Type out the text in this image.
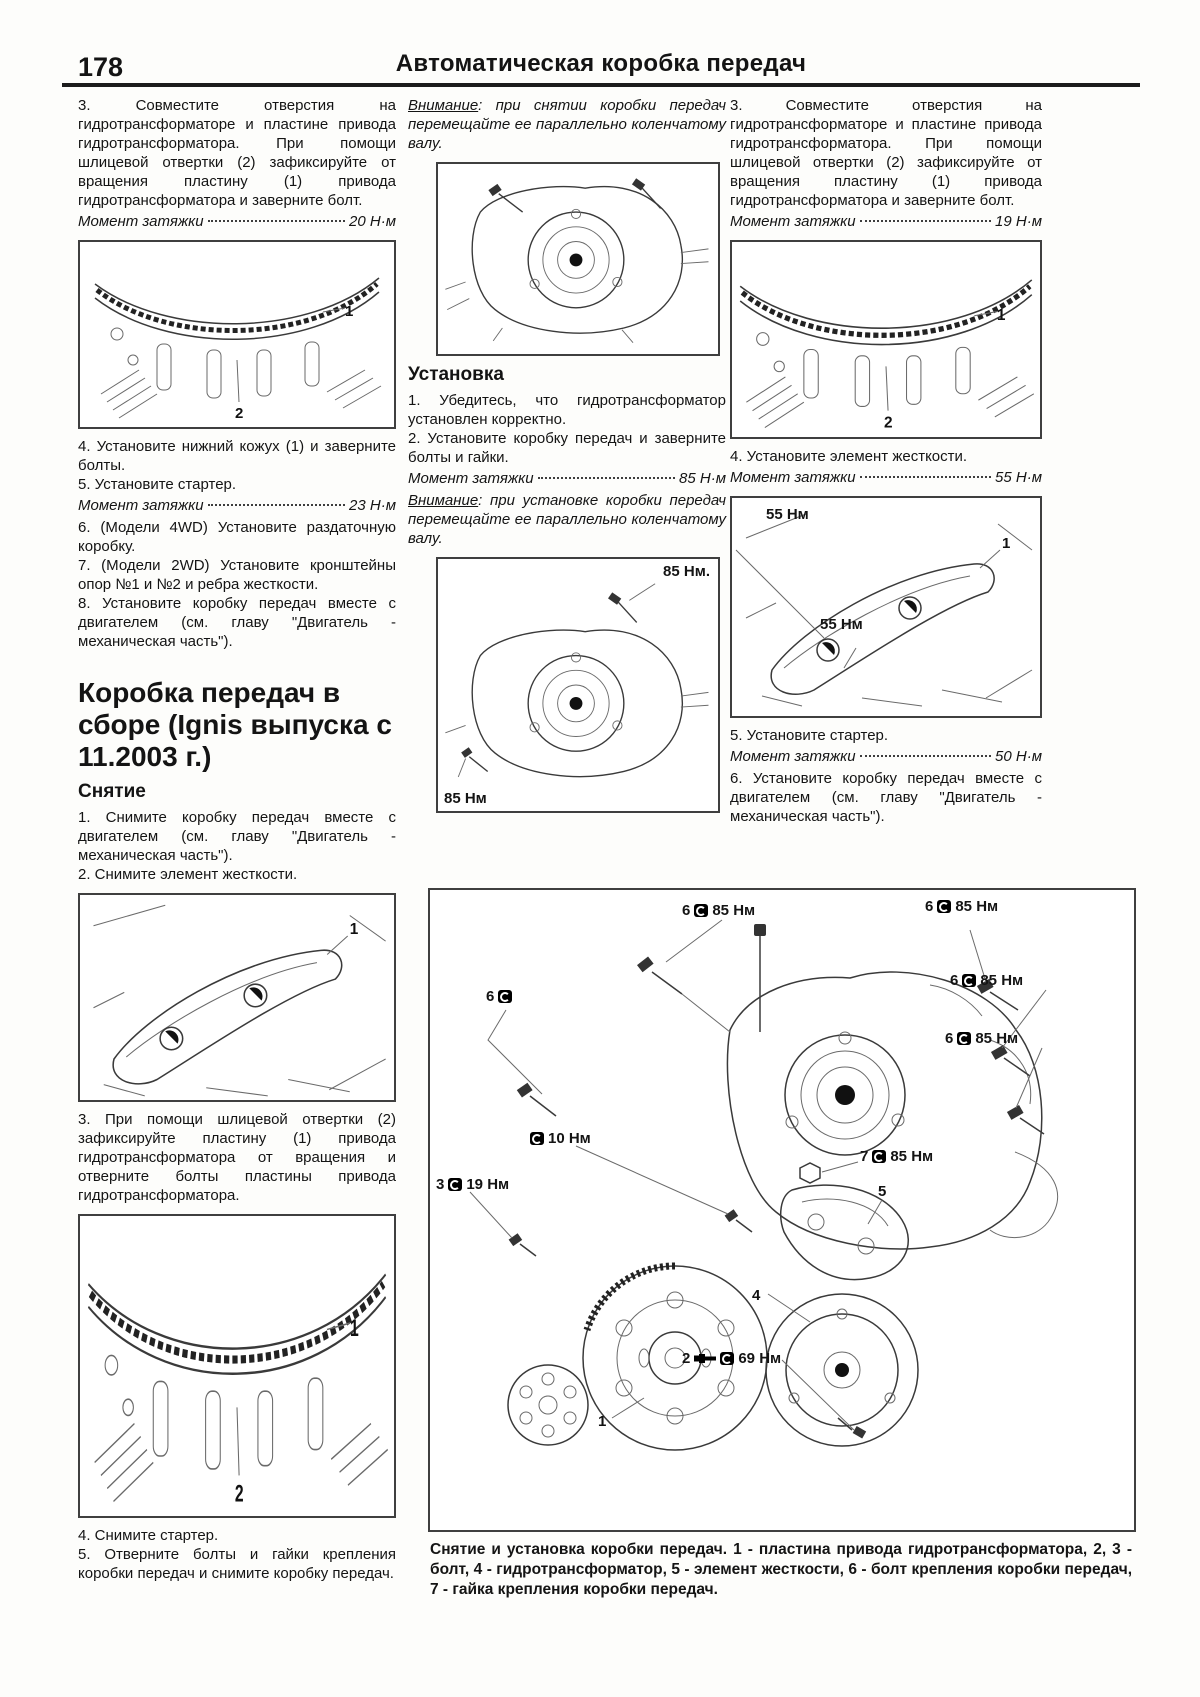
178	Автоматическая коробка передач

3. Совместите отверстия на гидротрансформаторе и пластине привода гидротрансформатора. При помощи шлицевой отвертки (2) зафиксируйте от вращения пластину (1) привода гидротрансформатора и заверните болт.

Момент затяжки	20 Н·м
1
2

4. Установите нижний кожух (1) и заверните болты.

5. Установите стартер.

Момент затяжки	23 Н·м

6. (Модели 4WD) Установите раздаточную коробку.

7. (Модели 2WD) Установите кронштейны опор №1 и №2 и ребра жесткости.

8. Установите коробку передач вместе с двигателем (см. главу "Двигатель - механическая часть").

Коробка передач в сборе (Ignis выпуска с 11.2003 г.)
Снятие

1. Снимите коробку передач вместе с двигателем (см. главу "Двигатель - механическая часть").

2. Снимите элемент жесткости.

1

3. При помощи шлицевой отвертки (2) зафиксируйте пластину (1) привода гидротрансформатора от вращения и отверните болты пластины привода гидротрансформатора.

1
2

4. Снимите стартер.

5. Отверните болты и гайки крепления коробки передач и снимите коробку передач.

Внимание: при снятии коробки передач перемещайте ее параллельно коленчатому валу.

Установка

1. Убедитесь, что гидротрансформатор установлен корректно.

2. Установите коробку передач и заверните болты и гайки.

Момент затяжки	85 Н·м

Внимание: при установке коробки передач перемещайте ее параллельно коленчатому валу.

85 Нм.
85 Нм

3. Совместите отверстия на гидротрансформаторе и пластине привода гидротрансформатора. При помощи шлицевой отвертки (2) зафиксируйте от вращения пластину (1) привода гидротрансформатора и заверните болт.

Момент затяжки	19 Н·м
1
2

4. Установите элемент жесткости.

Момент затяжки	55 Н·м
1
55 Нм
55 Нм

5. Установите стартер.

Момент затяжки	50 Н·м

6. Установите коробку передач вместе с двигателем (см. главу "Двигатель - механическая часть").

5
4
1
6 85 Нм	6 85 Нм
6 85 Нм
6 85 Нм
6
10 Нм
3 19 Нм
7 85 Нм
2	69 Нм
Снятие и установка коробки передач. 1 - пластина привода гидротрансформатора, 2, 3 - болт, 4 - гидротрансформатор, 5 - элемент жесткости, 6 - болт крепления коробки передач, 7 - гайка крепления коробки передач.
